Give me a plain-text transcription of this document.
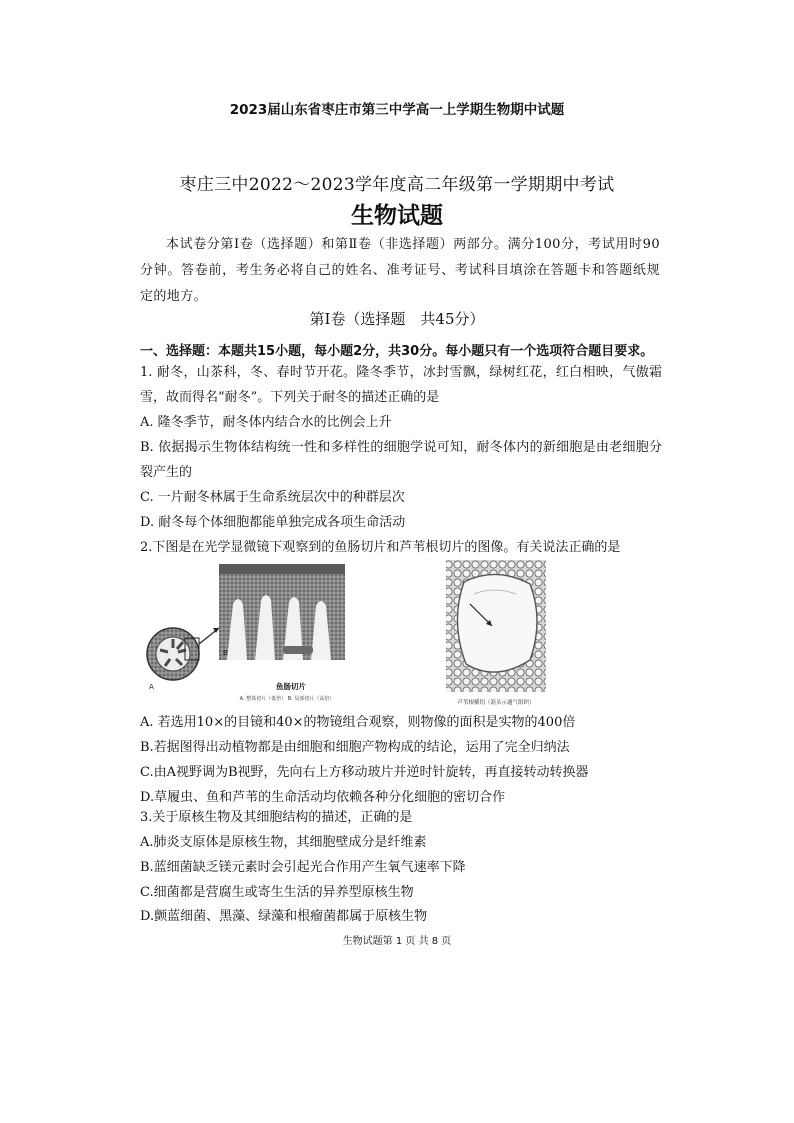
2023届山东省枣庄市第三中学高一上学期生物期中试题
枣庄三中2022～2023学年度高二年级第一学期期中考试
生物试题
本试卷分第Ⅰ卷（选择题）和第Ⅱ卷（非选择题）两部分。满分100分，考试用时90分钟。答卷前，考生务必将自己的姓名、准考证号、考试科目填涂在答题卡和答题纸规定的地方。
第Ⅰ卷（选择题　共45分）
一、选择题：本题共15小题，每小题2分，共30分。每小题只有一个选项符合题目要求。
1. 耐冬，山茶科，冬、春时节开花。隆冬季节，冰封雪飘，绿树红花，红白相映，气傲霜雪，故而得名“耐冬”。下列关于耐冬的描述正确的是
A. 隆冬季节，耐冬体内结合水的比例会上升
B. 依据揭示生物体结构统一性和多样性的细胞学说可知，耐冬体内的新细胞是由老细胞分裂产生的
C. 一片耐冬林属于生命系统层次中的种群层次
D. 耐冬每个体细胞都能单独完成各项生命活动
2.下图是在光学显微镜下观察到的鱼肠切片和芦苇根切片的图像。有关说法正确的是
A
B
鱼肠切片
A. 整体切片（低倍） B. 局部切片（高倍）
芦苇根横切（箭头示通气组织）
A. 若选用10×的目镜和40×的物镜组合观察，则物像的面积是实物的400倍
B.若据图得出动植物都是由细胞和细胞产物构成的结论，运用了完全归纳法
C.由A视野调为B视野，先向右上方移动玻片并逆时针旋转，再直接转动转换器
D.草履虫、鱼和芦苇的生命活动均依赖各种分化细胞的密切合作
3.关于原核生物及其细胞结构的描述，正确的是
A.肺炎支原体是原核生物，其细胞壁成分是纤维素
B.蓝细菌缺乏镁元素时会引起光合作用产生氧气速率下降
C.细菌都是营腐生或寄生生活的异养型原核生物
D.颤蓝细菌、黑藻、绿藻和根瘤菌都属于原核生物
生物试题第 1 页 共 8 页
